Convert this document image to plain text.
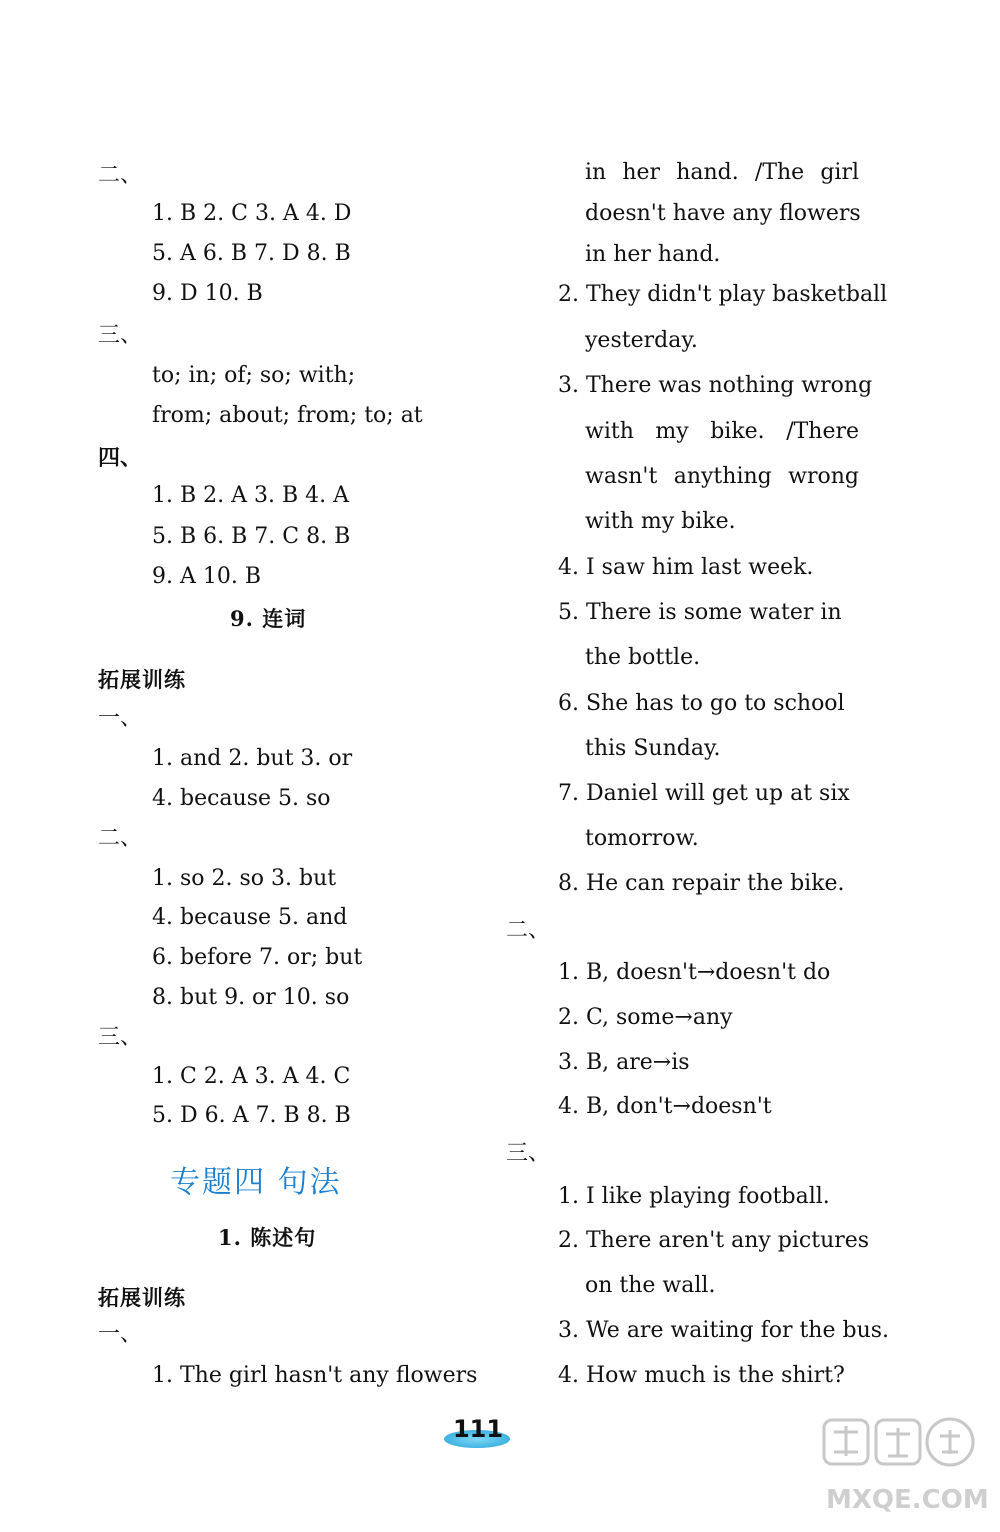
二、
1. B 2. C 3. A 4. D
5. A 6. B 7. D 8. B
9. D 10. B
三、
to; in; of; so; with;
from; about; from; to; at
四、
1. B 2. A 3. B 4. A
5. B 6. B 7. C 8. B
9. A 10. B
9. 连词
拓展训练
一、
1. and 2. but 3. or
4. because 5. so
二、
1. so 2. so 3. but
4. because 5. and
6. before 7. or; but
8. but 9. or 10. so
三、
1. C 2. A 3. A 4. C
5. D 6. A 7. B 8. B
专题四 句法
1. 陈述句
拓展训练
一、
1. The girl hasn't any flowers
in her hand. /The girl
doesn't have any flowers
in her hand.
2. They didn't play basketball
yesterday.
3. There was nothing wrong
with my bike. /There
wasn't anything wrong
with my bike.
4. I saw him last week.
5. There is some water in
the bottle.
6. She has to go to school
this Sunday.
7. Daniel will get up at six
tomorrow.
8. He can repair the bike.
二、
1. B, doesn't→doesn't do
2. C, some→any
3. B, are→is
4. B, don't→doesn't
三、
1. I like playing football.
2. There aren't any pictures
on the wall.
3. We are waiting for the bus.
4. How much is the shirt?
111
MXQE.COM
